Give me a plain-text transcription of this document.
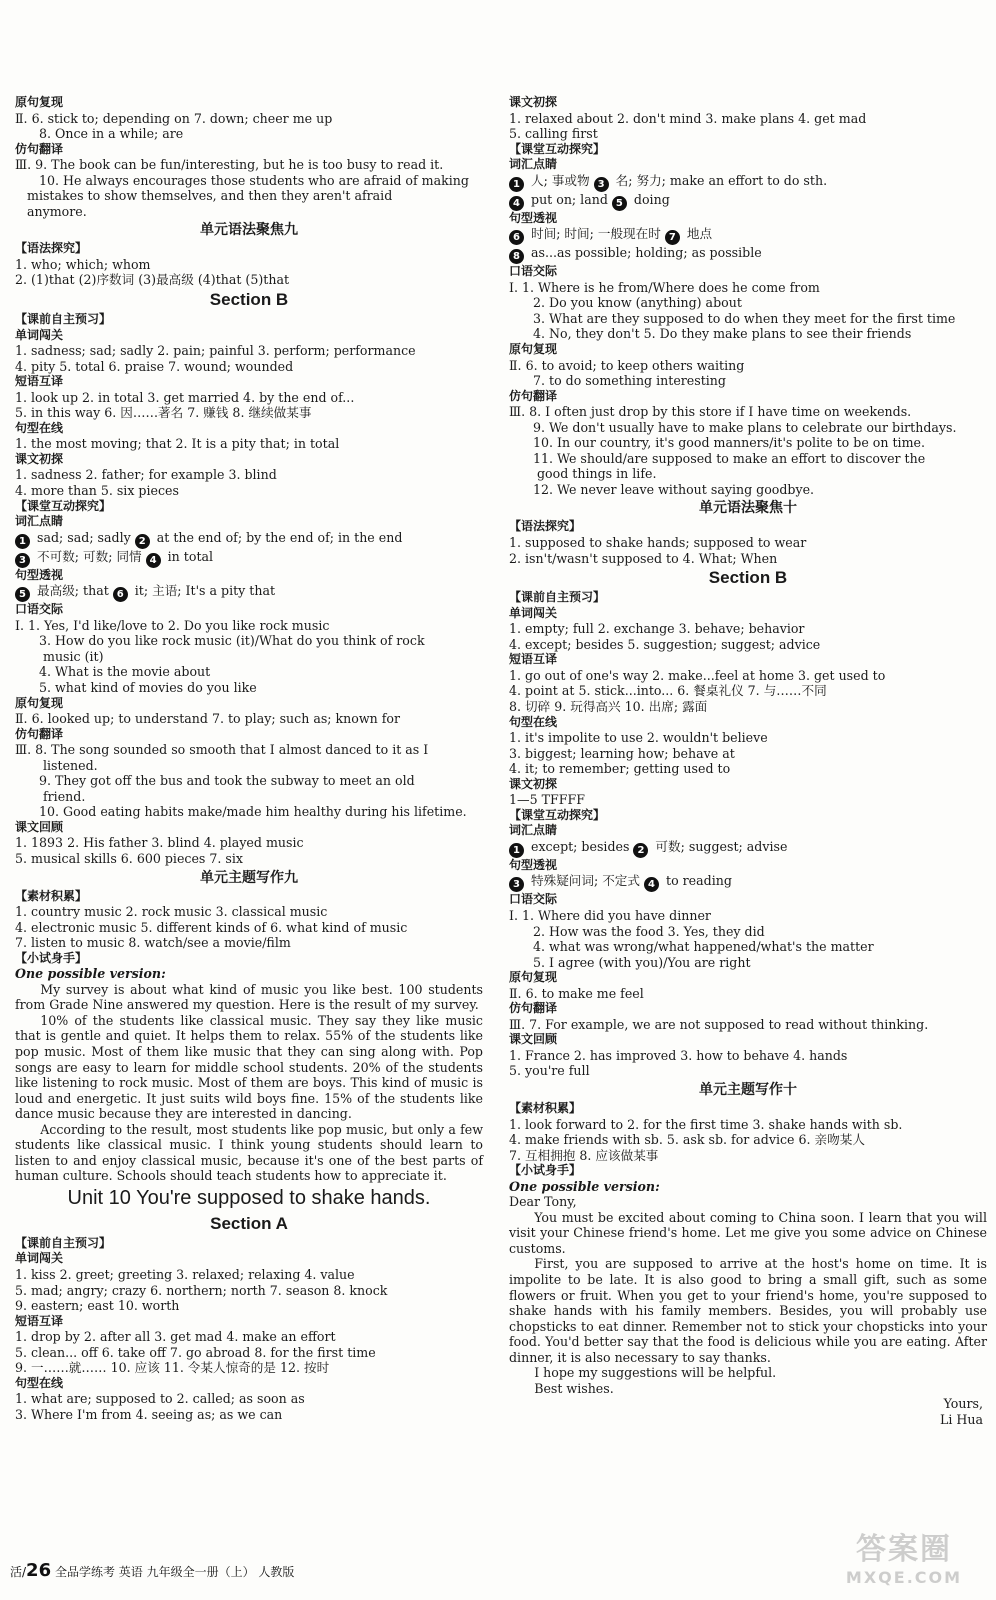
原句复现
Ⅱ. 6. stick to; depending on 7. down; cheer me up
8. Once in a while; are
仿句翻译
Ⅲ. 9. The book can be fun/interesting, but he is too busy to read it.
10. He always encourages those students who are afraid of making
mistakes to show themselves, and then they aren't afraid
anymore.
单元语法聚焦九
【语法探究】
1. who; which; whom
2. (1)that (2)序数词 (3)最高级 (4)that (5)that
Section B
【课前自主预习】
单词闯关
1. sadness; sad; sadly 2. pain; painful 3. perform; performance
4. pity 5. total 6. praise 7. wound; wounded
短语互译
1. look up 2. in total 3. get married 4. by the end of...
5. in this way 6. 因……著名 7. 赚钱 8. 继续做某事
句型在线
1. the most moving; that 2. It is a pity that; in total
课文初探
1. sadness 2. father; for example 3. blind
4. more than 5. six pieces
【课堂互动探究】
词汇点睛
1 sad; sad; sadly 2 at the end of; by the end of; in the end
3 不可数; 可数; 同情 4 in total
句型透视
5 最高级; that 6 it; 主语; It's a pity that
口语交际
Ⅰ. 1. Yes, I'd like/love to 2. Do you like rock music
3. How do you like rock music (it)/What do you think of rock
music (it)
4. What is the movie about
5. what kind of movies do you like
原句复现
Ⅱ. 6. looked up; to understand 7. to play; such as; known for
仿句翻译
Ⅲ. 8. The song sounded so smooth that I almost danced to it as I
listened.
9. They got off the bus and took the subway to meet an old
friend.
10. Good eating habits make/made him healthy during his lifetime.
课文回顾
1. 1893 2. His father 3. blind 4. played music
5. musical skills 6. 600 pieces 7. six
单元主题写作九
【素材积累】
1. country music 2. rock music 3. classical music
4. electronic music 5. different kinds of 6. what kind of music
7. listen to music 8. watch/see a movie/film
【小试身手】
One possible version:
My survey is about what kind of music you like best. 100 students from Grade Nine answered my question. Here is the result of my survey.
10% of the students like classical music. They say they like music that is gentle and quiet. It helps them to relax. 55% of the students like pop music. Most of them like music that they can sing along with. Pop songs are easy to learn for middle school students. 20% of the students like listening to rock music. Most of them are boys. This kind of music is loud and energetic. It just suits wild boys fine. 15% of the students like dance music because they are interested in dancing.
According to the result, most students like pop music, but only a few students like classical music. I think young students should learn to listen to and enjoy classical music, because it's one of the best parts of human culture. Schools should teach students how to appreciate it.
Unit 10 You're supposed to shake hands.
Section A
【课前自主预习】
单词闯关
1. kiss 2. greet; greeting 3. relaxed; relaxing 4. value
5. mad; angry; crazy 6. northern; north 7. season 8. knock
9. eastern; east 10. worth
短语互译
1. drop by 2. after all 3. get mad 4. make an effort
5. clean... off 6. take off 7. go abroad 8. for the first time
9. 一……就…… 10. 应该 11. 令某人惊奇的是 12. 按时
句型在线
1. what are; supposed to 2. called; as soon as
3. Where I'm from 4. seeing as; as we can
课文初探
1. relaxed about 2. don't mind 3. make plans 4. get mad
5. calling first
【课堂互动探究】
词汇点睛
1 人; 事或物 3 名; 努力; make an effort to do sth.
4 put on; land 5 doing
句型透视
6 时间; 时间; 一般现在时 7 地点
8 as...as possible; holding; as possible
口语交际
Ⅰ. 1. Where is he from/Where does he come from
2. Do you know (anything) about
3. What are they supposed to do when they meet for the first time
4. No, they don't 5. Do they make plans to see their friends
原句复现
Ⅱ. 6. to avoid; to keep others waiting
7. to do something interesting
仿句翻译
Ⅲ. 8. I often just drop by this store if I have time on weekends.
9. We don't usually have to make plans to celebrate our birthdays.
10. In our country, it's good manners/it's polite to be on time.
11. We should/are supposed to make an effort to discover the
good things in life.
12. We never leave without saying goodbye.
单元语法聚焦十
【语法探究】
1. supposed to shake hands; supposed to wear
2. isn't/wasn't supposed to 4. What; When
Section B
【课前自主预习】
单词闯关
1. empty; full 2. exchange 3. behave; behavior
4. except; besides 5. suggestion; suggest; advice
短语互译
1. go out of one's way 2. make...feel at home 3. get used to
4. point at 5. stick...into... 6. 餐桌礼仪 7. 与……不同
8. 切碎 9. 玩得高兴 10. 出席; 露面
句型在线
1. it's impolite to use 2. wouldn't believe
3. biggest; learning how; behave at
4. it; to remember; getting used to
课文初探
1—5 TFFFF
【课堂互动探究】
词汇点睛
1 except; besides 2 可数; suggest; advise
句型透视
3 特殊疑问词; 不定式 4 to reading
口语交际
Ⅰ. 1. Where did you have dinner
2. How was the food 3. Yes, they did
4. what was wrong/what happened/what's the matter
5. I agree (with you)/You are right
原句复现
Ⅱ. 6. to make me feel
仿句翻译
Ⅲ. 7. For example, we are not supposed to read without thinking.
课文回顾
1. France 2. has improved 3. how to behave 4. hands
5. you're full
单元主题写作十
【素材积累】
1. look forward to 2. for the first time 3. shake hands with sb.
4. make friends with sb. 5. ask sb. for advice 6. 亲吻某人
7. 互相拥抱 8. 应该做某事
【小试身手】
One possible version:
Dear Tony,
You must be excited about coming to China soon. I learn that you will visit your Chinese friend's home. Let me give you some advice on Chinese customs.
First, you are supposed to arrive at the host's home on time. It is impolite to be late. It is also good to bring a small gift, such as some flowers or fruit. When you get to your friend's home, you're supposed to shake hands with his family members. Besides, you will probably use chopsticks to eat dinner. Remember not to stick your chopsticks into your food. You'd better say that the food is delicious while you are eating. After dinner, it is also necessary to say thanks.
I hope my suggestions will be helpful.
Best wishes.
Yours,
Li Hua
活/26 全品学练考 英语 九年级全一册（上） 人教版
答案圈
MXQE.COM
